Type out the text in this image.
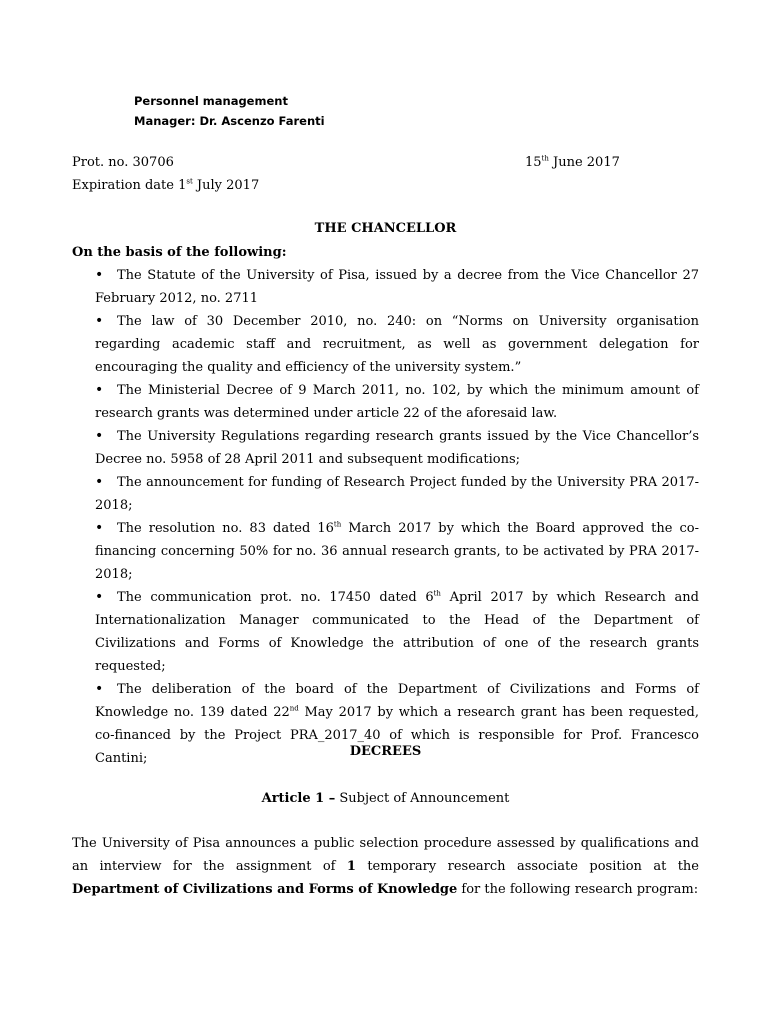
Personnel management
Manager: Dr. Ascenzo Farenti
Prot. no. 30706
Expiration date 1st July 2017
15th June 2017
THE CHANCELLOR
On the basis of the following:
•The Statute of the University of Pisa, issued by a decree from the Vice Chancellor 27 February 2012, no. 2711
•The law of 30 December 2010, no. 240: on “Norms on University organisation regarding academic staff and recruitment, as well as government delegation for encouraging the quality and efficiency of the university system.”
•The Ministerial Decree of 9 March 2011, no. 102, by which the minimum amount of research grants was determined under article 22 of the aforesaid law.
•The University Regulations regarding research grants issued by the Vice Chancellor’s Decree no. 5958 of 28 April 2011 and subsequent modifications;
•The announcement for funding of Research Project funded by the University PRA 2017-2018;
•The resolution no. 83 dated 16th March 2017 by which the Board approved the co-financing concerning 50% for no. 36 annual research grants, to be activated by PRA 2017-2018;
•The communication prot. no. 17450 dated 6th April 2017 by which Research and Internationalization Manager communicated to the Head of the Department of Civilizations and Forms of Knowledge the attribution of one of the research grants requested;
•The deliberation of the board of the Department of Civilizations and Forms of Knowledge no. 139 dated 22nd May 2017 by which a research grant has been requested, co-financed by the Project PRA_2017_40 of which is responsible for Prof. Francesco Cantini;	DECREES
Article 1 – Subject of Announcement
The University of Pisa announces a public selection procedure assessed by qualifications and an interview for the assignment of 1 temporary research associate position at the Department of Civilizations and Forms of Knowledge for the following research program:
